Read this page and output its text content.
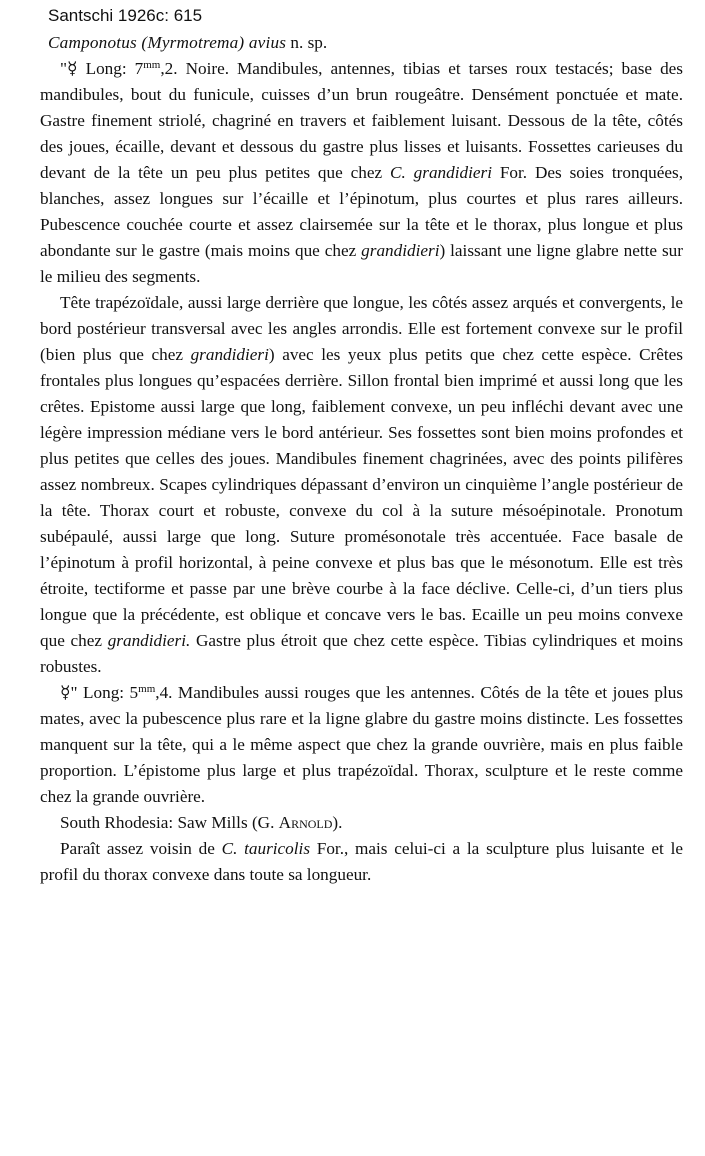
Santschi 1926c: 615
Camponotus (Myrmotrema) avius n. sp.

"☿ Long: $7^{mm},2$. Noire. Mandibules, antennes, tibias et tarses roux testacés; base des mandibules, bout du funicule, cuisses d’un brun rougeâtre. Densément ponctuée et mate. Gastre finement striolé, chagriné en travers et faiblement luisant. Dessous de la tête, côtés des joues, écaille, devant et dessous du gastre plus lisses et luisants. Fossettes carieuses du devant de la tête un peu plus petites que chez C. grandidieri For. Des soies tronquées, blanches, assez longues sur l’écaille et l’épinotum, plus courtes et plus rares ailleurs. Pubescence couchée courte et assez clairsemée sur la tête et le thorax, plus longue et plus abondante sur le gastre (mais moins que chez grandidieri) laissant une ligne glabre nette sur le milieu des segments.

Tête trapézoïdale, aussi large derrière que longue, les côtés assez arqués et convergents, le bord postérieur transversal avec les angles arrondis. Elle est fortement convexe sur le profil (bien plus que chez grandidieri) avec les yeux plus petits que chez cette espèce. Crêtes frontales plus longues qu’espacées derrière. Sillon frontal bien imprimé et aussi long que les crêtes. Epistome aussi large que long, faiblement convexe, un peu infléchi devant avec une légère impression médiane vers le bord antérieur. Ses fossettes sont bien moins profondes et plus petites que celles des joues. Mandibules finement chagrinées, avec des points pilifères assez nombreux. Scapes cylindriques dépassant d’environ un cinquième l’angle postérieur de la tête. Thorax court et robuste, convexe du col à la suture mésoépinotale. Pronotum subépaulé, aussi large que long. Suture promésonotale très accentuée. Face basale de l’épinotum à profil horizontal, à peine convexe et plus bas que le mésonotum. Elle est très étroite, tectiforme et passe par une brève courbe à la face déclive. Celle-ci, d’un tiers plus longue que la précédente, est oblique et concave vers le bas. Ecaille un peu moins convexe que chez grandidieri. Gastre plus étroit que chez cette espèce. Tibias cylindriques et moins robustes.

☿" Long: $5^{mm},4$. Mandibules aussi rouges que les antennes. Côtés de la tête et joues plus mates, avec la pubescence plus rare et la ligne glabre du gastre moins distincte. Les fossettes manquent sur la tête, qui a le même aspect que chez la grande ouvrière, mais en plus faible proportion. L’épistome plus large et plus trapézoïdal. Thorax, sculpture et le reste comme chez la grande ouvrière.

South Rhodesia: Saw Mills (G. Arnold).

Paraît assez voisin de C. tauricolis For., mais celui-ci a la sculpture plus luisante et le profil du thorax convexe dans toute sa longueur.
